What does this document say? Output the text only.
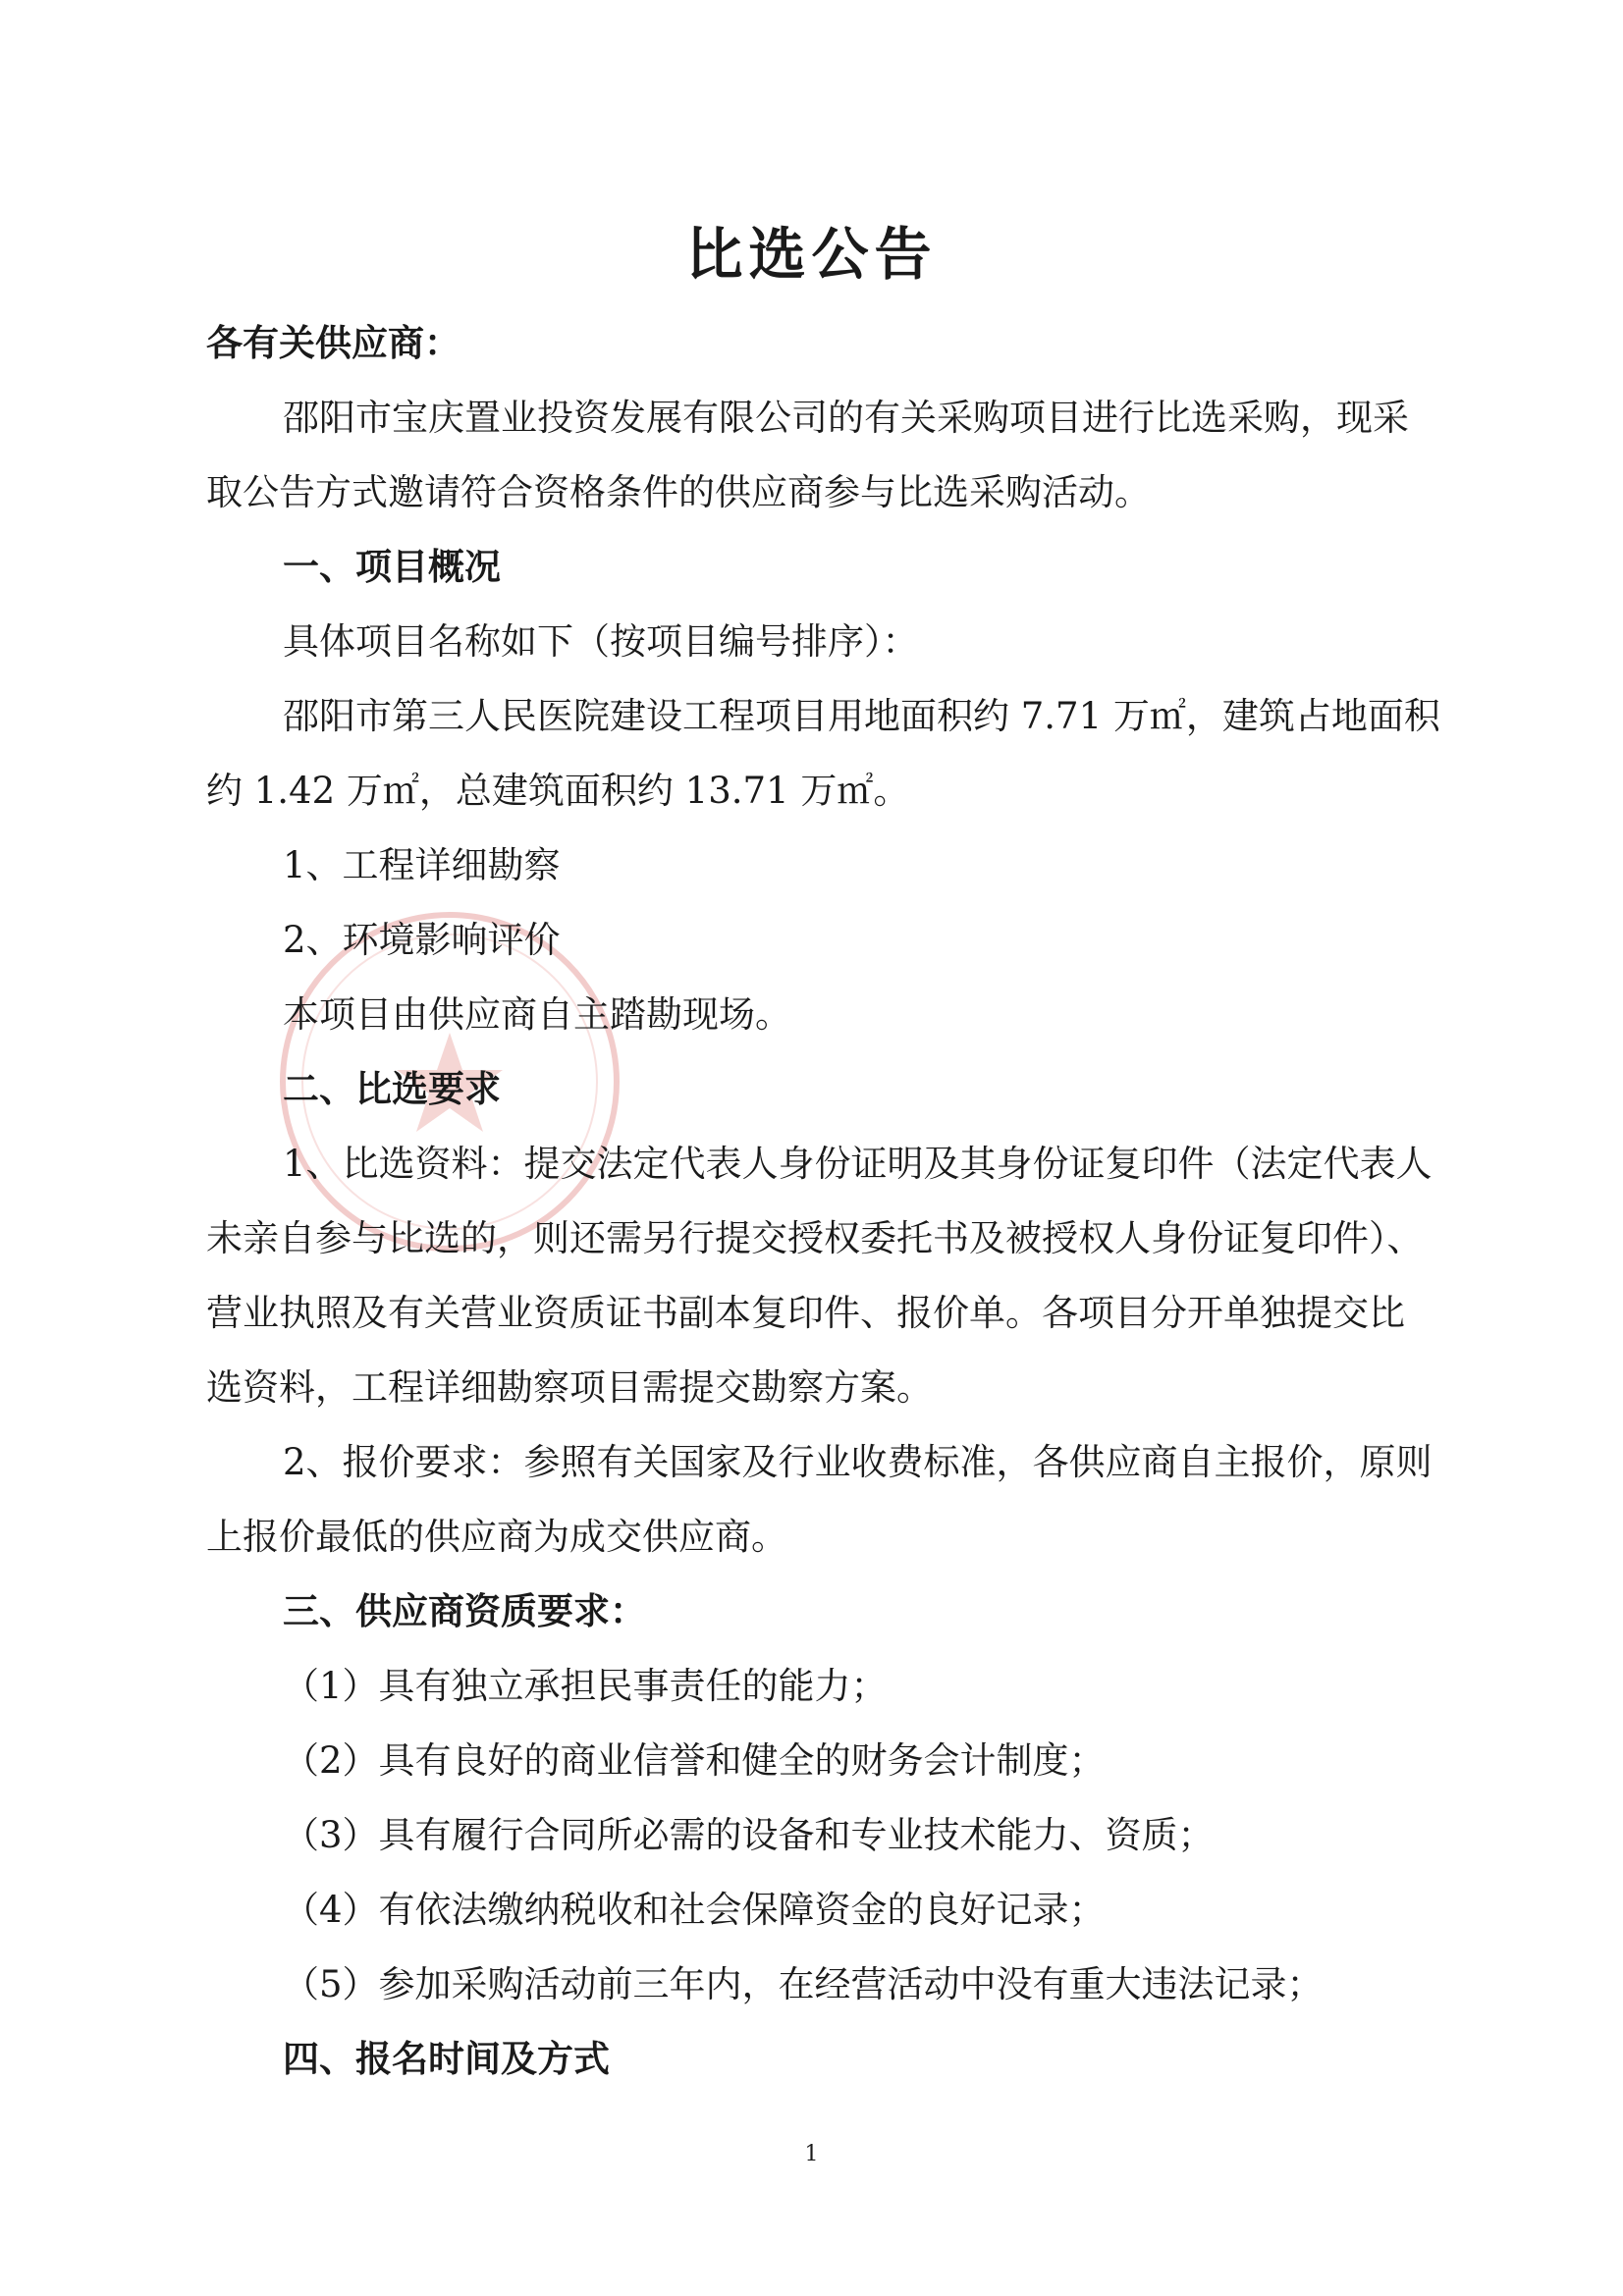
比选公告
各有关供应商：
邵阳市宝庆置业投资发展有限公司的有关采购项目进行比选采购，现采
取公告方式邀请符合资格条件的供应商参与比选采购活动。
一、项目概况
具体项目名称如下（按项目编号排序）：
邵阳市第三人民医院建设工程项目用地面积约 7.71 万㎡，建筑占地面积
约 1.42 万㎡，总建筑面积约 13.71 万㎡。
1、工程详细勘察
2、环境影响评价
本项目由供应商自主踏勘现场。
二、比选要求
1、比选资料：提交法定代表人身份证明及其身份证复印件（法定代表人
未亲自参与比选的，则还需另行提交授权委托书及被授权人身份证复印件）、
营业执照及有关营业资质证书副本复印件、报价单。各项目分开单独提交比
选资料，工程详细勘察项目需提交勘察方案。
2、报价要求：参照有关国家及行业收费标准，各供应商自主报价，原则
上报价最低的供应商为成交供应商。
三、供应商资质要求：
（1）具有独立承担民事责任的能力；
（2）具有良好的商业信誉和健全的财务会计制度；
（3）具有履行合同所必需的设备和专业技术能力、资质；
（4）有依法缴纳税收和社会保障资金的良好记录；
（5）参加采购活动前三年内，在经营活动中没有重大违法记录；
四、报名时间及方式
1
